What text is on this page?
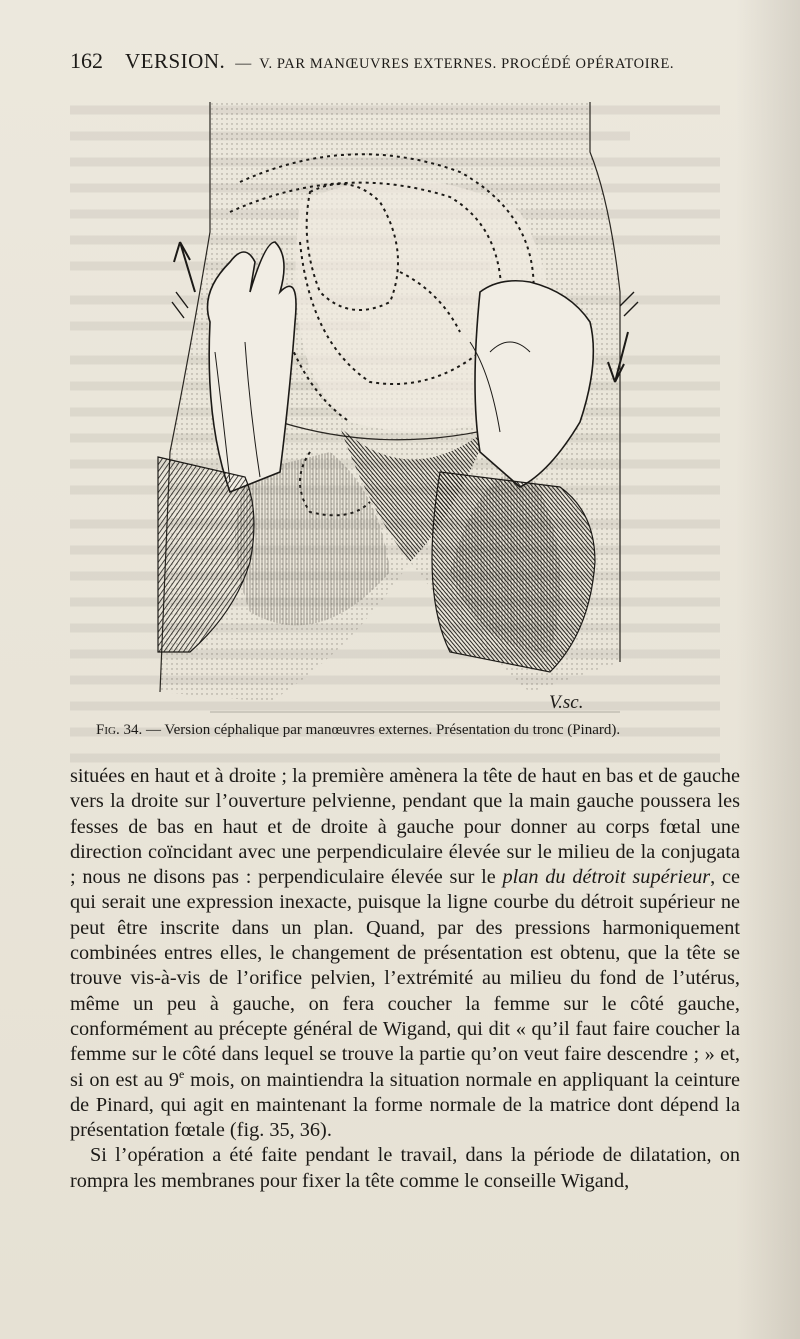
162 VERSION. — V. PAR MANŒUVRES EXTERNES. PROCÉDÉ OPÉRATOIRE.
V.sc.
Fig. 34. — Version céphalique par manœuvres externes. Présentation du tronc (Pinard).

situées en haut et à droite ; la première amènera la tête de haut en bas et de gauche vers la droite sur l’ouverture pelvienne, pendant que la main gauche poussera les fesses de bas en haut et de droite à gauche pour donner au corps fœtal une direction coïncidant avec une perpendiculaire élevée sur le milieu de la conjugata ; nous ne disons pas : perpendiculaire élevée sur le plan du détroit supérieur, ce qui serait une expression inexacte, puisque la ligne courbe du détroit supérieur ne peut être inscrite dans un plan. Quand, par des pressions harmoniquement combinées entres elles, le changement de présentation est obtenu, que la tête se trouve vis-à-vis de l’orifice pelvien, l’extrémité au milieu du fond de l’utérus, même un peu à gauche, on fera coucher la femme sur le côté gauche, conformément au précepte général de Wigand, qui dit « qu’il faut faire coucher la femme sur le côté dans lequel se trouve la partie qu’on veut faire descendre ; » et, si on est au 9e mois, on maintiendra la situation normale en appliquant la ceinture de Pinard, qui agit en maintenant la forme normale de la matrice dont dépend la présentation fœtale (fig. 35, 36).

Si l’opération a été faite pendant le travail, dans la période de dilatation, on rompra les membranes pour fixer la tête comme le conseille Wigand,
